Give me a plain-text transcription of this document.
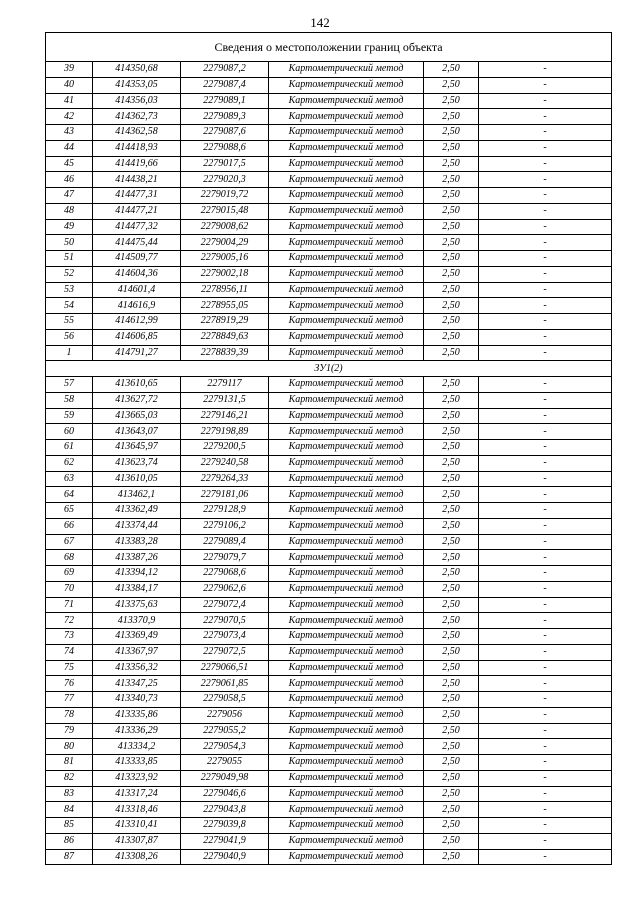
142
Сведения о местоположении границ объекта					
39	414350,68	2279087,2	Картометрический метод	2,50	-
40	414353,05	2279087,4	Картометрический метод	2,50	-
41	414356,03	2279089,1	Картометрический метод	2,50	-
42	414362,73	2279089,3	Картометрический метод	2,50	-
43	414362,58	2279087,6	Картометрический метод	2,50	-
44	414418,93	2279088,6	Картометрический метод	2,50	-
45	414419,66	2279017,5	Картометрический метод	2,50	-
46	414438,21	2279020,3	Картометрический метод	2,50	-
47	414477,31	2279019,72	Картометрический метод	2,50	-
48	414477,21	2279015,48	Картометрический метод	2,50	-
49	414477,32	2279008,62	Картометрический метод	2,50	-
50	414475,44	2279004,29	Картометрический метод	2,50	-
51	414509,77	2279005,16	Картометрический метод	2,50	-
52	414604,36	2279002,18	Картометрический метод	2,50	-
53	414601,4	2278956,11	Картометрический метод	2,50	-
54	414616,9	2278955,05	Картометрический метод	2,50	-
55	414612,99	2278919,29	Картометрический метод	2,50	-
56	414606,85	2278849,63	Картометрический метод	2,50	-
1	414791,27	2278839,39	Картометрический метод	2,50	-
ЗУ1(2)					
57	413610,65	2279117	Картометрический метод	2,50	-
58	413627,72	2279131,5	Картометрический метод	2,50	-
59	413665,03	2279146,21	Картометрический метод	2,50	-
60	413643,07	2279198,89	Картометрический метод	2,50	-
61	413645,97	2279200,5	Картометрический метод	2,50	-
62	413623,74	2279240,58	Картометрический метод	2,50	-
63	413610,05	2279264,33	Картометрический метод	2,50	-
64	413462,1	2279181,06	Картометрический метод	2,50	-
65	413362,49	2279128,9	Картометрический метод	2,50	-
66	413374,44	2279106,2	Картометрический метод	2,50	-
67	413383,28	2279089,4	Картометрический метод	2,50	-
68	413387,26	2279079,7	Картометрический метод	2,50	-
69	413394,12	2279068,6	Картометрический метод	2,50	-
70	413384,17	2279062,6	Картометрический метод	2,50	-
71	413375,63	2279072,4	Картометрический метод	2,50	-
72	413370,9	2279070,5	Картометрический метод	2,50	-
73	413369,49	2279073,4	Картометрический метод	2,50	-
74	413367,97	2279072,5	Картометрический метод	2,50	-
75	413356,32	2279066,51	Картометрический метод	2,50	-
76	413347,25	2279061,85	Картометрический метод	2,50	-
77	413340,73	2279058,5	Картометрический метод	2,50	-
78	413335,86	2279056	Картометрический метод	2,50	-
79	413336,29	2279055,2	Картометрический метод	2,50	-
80	413334,2	2279054,3	Картометрический метод	2,50	-
81	413333,85	2279055	Картометрический метод	2,50	-
82	413323,92	2279049,98	Картометрический метод	2,50	-
83	413317,24	2279046,6	Картометрический метод	2,50	-
84	413318,46	2279043,8	Картометрический метод	2,50	-
85	413310,41	2279039,8	Картометрический метод	2,50	-
86	413307,87	2279041,9	Картометрический метод	2,50	-
87	413308,26	2279040,9	Картометрический метод	2,50	-
